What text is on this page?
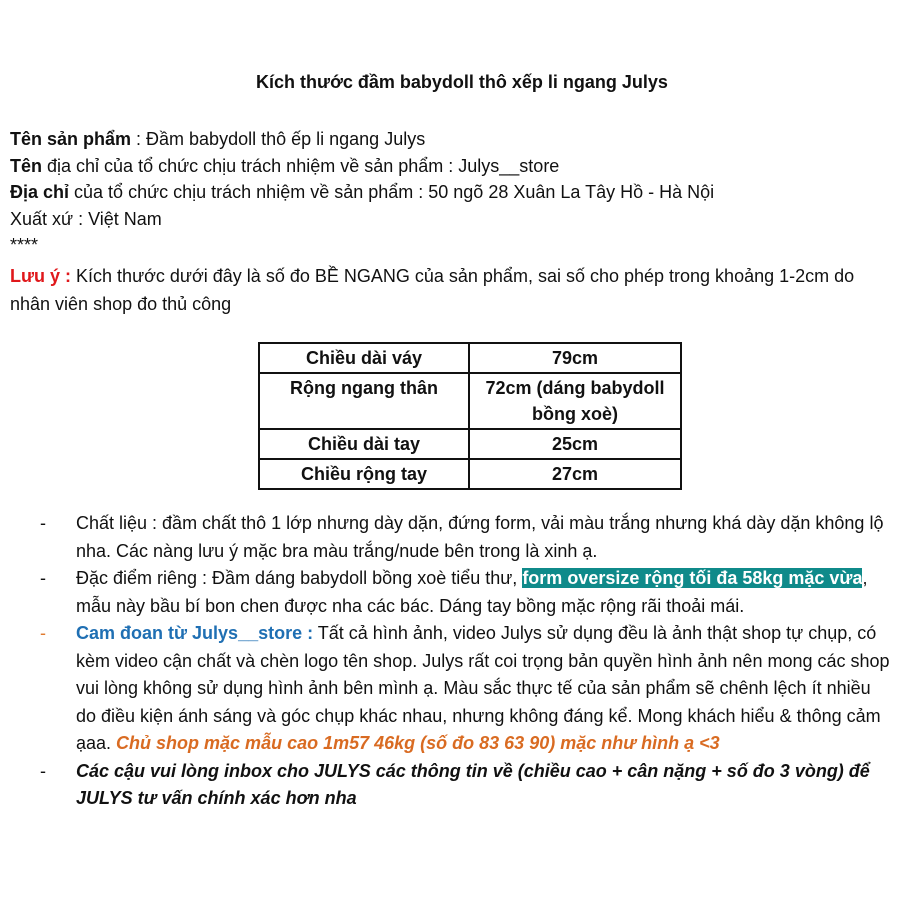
Kích thước đầm babydoll thô xếp li ngang Julys
Tên sản phẩm : Đầm babydoll thô ếp li ngang Julys
Tên địa chỉ của tổ chức chịu trách nhiệm về sản phẩm : Julys__store
Địa chỉ của tổ chức chịu trách nhiệm về sản phẩm : 50 ngõ 28 Xuân La Tây Hồ - Hà Nội
Xuất xứ : Việt Nam
****
Lưu ý : Kích thước dưới đây là số đo BỀ NGANG của sản phẩm, sai số cho phép trong khoảng 1-2cm do nhân viên shop đo thủ công
Chiều dài váy	79cm
Rộng ngang thân	72cm (dáng babydoll bồng xoè)
Chiều dài tay	25cm
Chiều rộng tay	27cm
- Chất liệu : đầm chất thô 1 lớp nhưng dày dặn, đứng form, vải màu trắng nhưng khá dày dặn không lộ nha. Các nàng lưu ý mặc bra màu trắng/nude bên trong là xinh ạ.
- Đặc điểm riêng : Đầm dáng babydoll bồng xoè tiểu thư, form oversize rộng tối đa 58kg mặc vừa, mẫu này bầu bí bon chen được nha các bác. Dáng tay bồng mặc rộng rãi thoải mái.
- Cam đoan từ Julys__store : Tất cả hình ảnh, video Julys sử dụng đều là ảnh thật shop tự chụp, có kèm video cận chất và chèn logo tên shop. Julys rất coi trọng bản quyền hình ảnh nên mong các shop vui lòng không sử dụng hình ảnh bên mình ạ. Màu sắc thực tế của sản phẩm sẽ chênh lệch ít nhiều do điều kiện ánh sáng và góc chụp khác nhau, nhưng không đáng kể. Mong khách hiểu & thông cảm ạaa. Chủ shop mặc mẫu cao 1m57 46kg (số đo 83 63 90) mặc như hình ạ <3
- Các cậu vui lòng inbox cho JULYS các thông tin về (chiều cao + cân nặng + số đo 3 vòng) để JULYS tư vấn chính xác hơn nha
